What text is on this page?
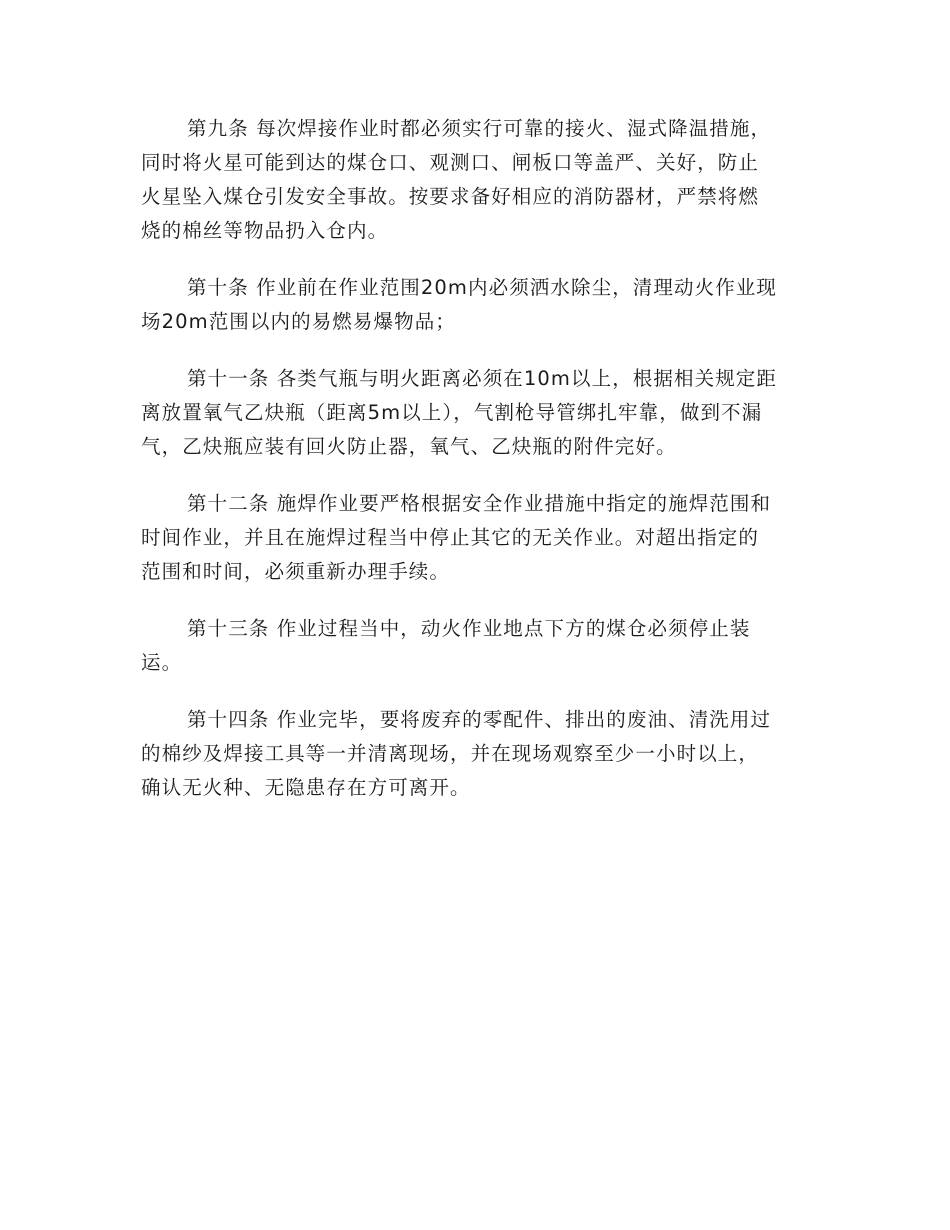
第九条 每次焊接作业时都必须实行可靠的接火、湿式降温措施，
同时将火星可能到达的煤仓口、观测口、闸板口等盖严、关好，防止
火星坠入煤仓引发安全事故。按要求备好相应的消防器材，严禁将燃
烧的棉丝等物品扔入仓内。

第十条 作业前在作业范围20m内必须洒水除尘，清理动火作业现
场20m范围以内的易燃易爆物品；

第十一条 各类气瓶与明火距离必须在10m以上，根据相关规定距
离放置氧气乙炔瓶（距离5m以上），气割枪导管绑扎牢靠，做到不漏
气，乙炔瓶应装有回火防止器，氧气、乙炔瓶的附件完好。

第十二条 施焊作业要严格根据安全作业措施中指定的施焊范围和
时间作业，并且在施焊过程当中停止其它的无关作业。对超出指定的
范围和时间，必须重新办理手续。

第十三条 作业过程当中，动火作业地点下方的煤仓必须停止装
运。

第十四条 作业完毕，要将废弃的零配件、排出的废油、清洗用过
的棉纱及焊接工具等一并清离现场，并在现场观察至少一小时以上，
确认无火种、无隐患存在方可离开。
